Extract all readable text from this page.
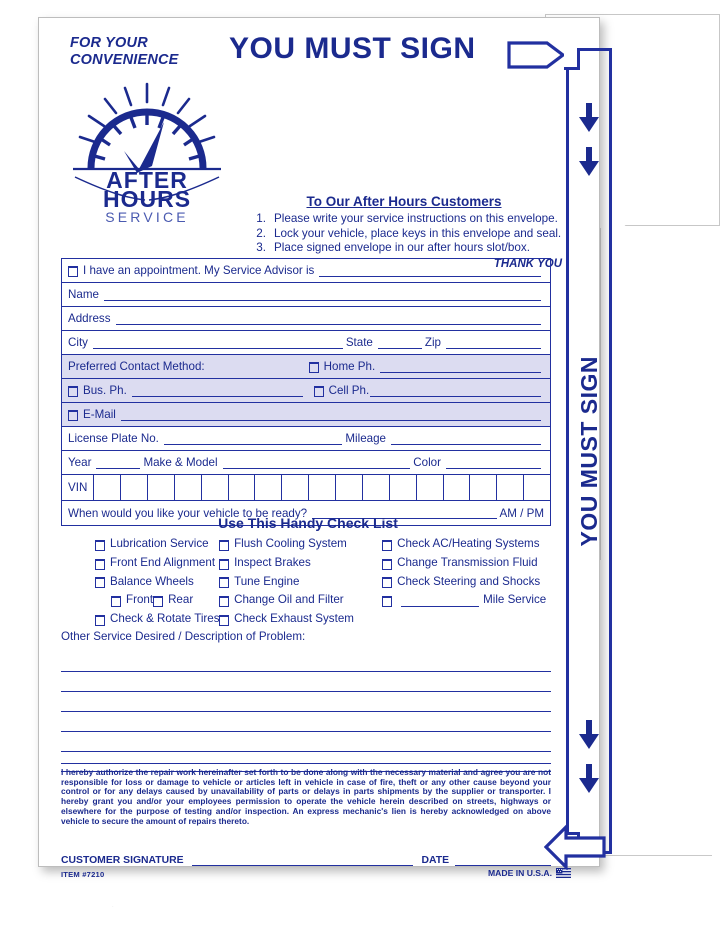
FOR YOUR
CONVENIENCE YOU MUST SIGN
AFTER
HOURS
SERVICE
To Our After Hours Customers
1. Please write your service instructions on this envelope.
2. Lock your vehicle, place keys in this envelope and seal.
3. Place signed envelope in our after hours slot/box.
THANK YOU
I have an appointment. My Service Advisor is
Name
Address
City	State	Zip
Preferred Contact Method:	Home Ph.
Bus. Ph.	Cell Ph.
E-Mail
License Plate No.	Mileage
Year	Make & Model	Color
VIN
When would you like your vehicle to be ready?	AM / PM
Use This Handy Check List
Lubrication Service
Front End Alignment
Balance Wheels
Front Rear
Check & Rotate Tires
Flush Cooling System
Inspect Brakes
Tune Engine
Change Oil and Filter
Check Exhaust System
Check AC/Heating Systems
Change Transmission Fluid
Check Steering and Shocks
Mile Service
Other Service Desired / Description of Problem:
I hereby authorize the repair work hereinafter set forth to be done along with the necessary material and agree you are not responsible for loss or damage to vehicle or articles left in vehicle in case of fire, theft or any other cause beyond your control or for any delays caused by unavailability of parts or delays in parts shipments by the supplier or transporter. I hereby grant you and/or your employees permission to operate the vehicle herein described on streets, highways or elsewhere for the purpose of testing and/or inspection. An express mechanic's lien is hereby acknowledged on above vehicle to secure the amount of repairs thereto.
CUSTOMER SIGNATURE	DATE
ITEM #7210	MADE IN U.S.A.
YOU MUST SIGN
